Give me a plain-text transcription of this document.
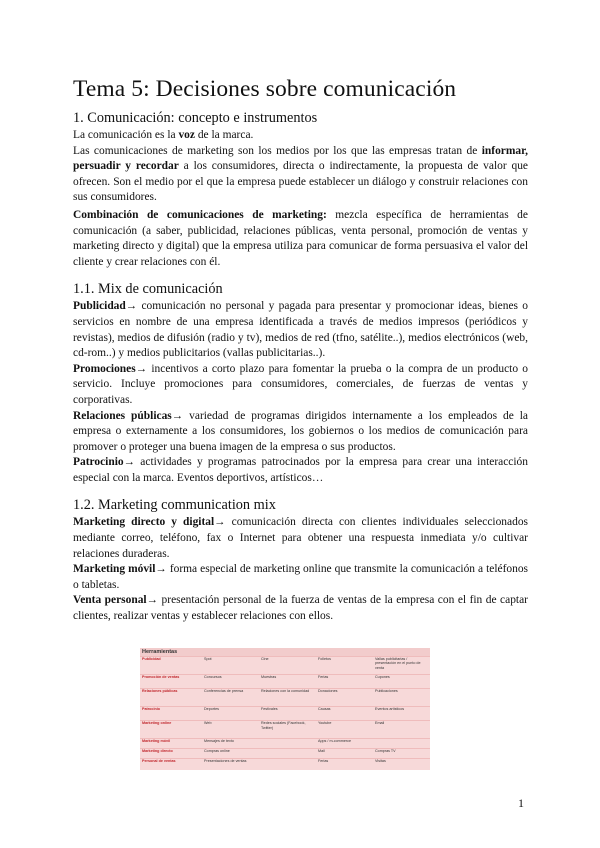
Tema 5: Decisiones sobre comunicación
1. Comunicación: concepto e instrumentos

La comunicación es la voz de la marca.

Las comunicaciones de marketing son los medios por los que las empresas tratan de informar, persuadir y recordar a los consumidores, directa o indirectamente, la propuesta de valor que ofrecen. Son el medio por el que la empresa puede establecer un diálogo y construir relaciones con sus consumidores.

Combinación de comunicaciones de marketing: mezcla específica de herramientas de comunicación (a saber, publicidad, relaciones públicas, venta personal, promoción de ventas y marketing directo y digital) que la empresa utiliza para comunicar de forma persuasiva el valor del cliente y crear relaciones con él.

1.1. Mix de comunicación

Publicidad→ comunicación no personal y pagada para presentar y promocionar ideas, bienes o servicios en nombre de una empresa identificada a través de medios impresos (periódicos y revistas), medios de difusión (radio y tv), medios de red (tfno, satélite..), medios electrónicos (web, cd-rom..) y medios publicitarios (vallas publicitarias..).

Promociones→ incentivos a corto plazo para fomentar la prueba o la compra de un producto o servicio. Incluye promociones para consumidores, comerciales, de fuerzas de ventas y corporativas.

Relaciones públicas→ variedad de programas dirigidos internamente a los empleados de la empresa o externamente a los consumidores, los gobiernos o los medios de comunicación para promover o proteger una buena imagen de la empresa o sus productos.

Patrocinio→ actividades y programas patrocinados por la empresa para crear una interacción especial con la marca. Eventos deportivos, artísticos…

1.2. Marketing communication mix

Marketing directo y digital→ comunicación directa con clientes individuales seleccionados mediante correo, teléfono, fax o Internet para obtener una respuesta inmediata y/o cultivar relaciones duraderas.

Marketing móvil→ forma especial de marketing online que transmite la comunicación a teléfonos o tabletas.

Venta personal→ presentación personal de la fuerza de ventas de la empresa con el fin de captar clientes, realizar ventas y establecer relaciones con ellos.

Herramientas				
Publicidad	Spot	Cine	Folletos	Vallas publicitarias / presentación en el punto de venta
Promoción de ventas	Concursos	Muestras	Ferias	Cupones
Relaciones públicas	Conferencias de prensa	Relaciones con la comunidad	Donaciones	Publicaciones
Patrocinio	Deportes	Festivales	Causas	Eventos artísticos
Marketing online	Web	Redes sociales (Facebook, Twitter)	Youtube	Email
Marketing móvil	Mensajes de texto		Apps / m-commerce	
Marketing directo	Compras online		Mail	Compras TV
Personal de ventas	Presentaciones de ventas		Ferias	Visitas
1
